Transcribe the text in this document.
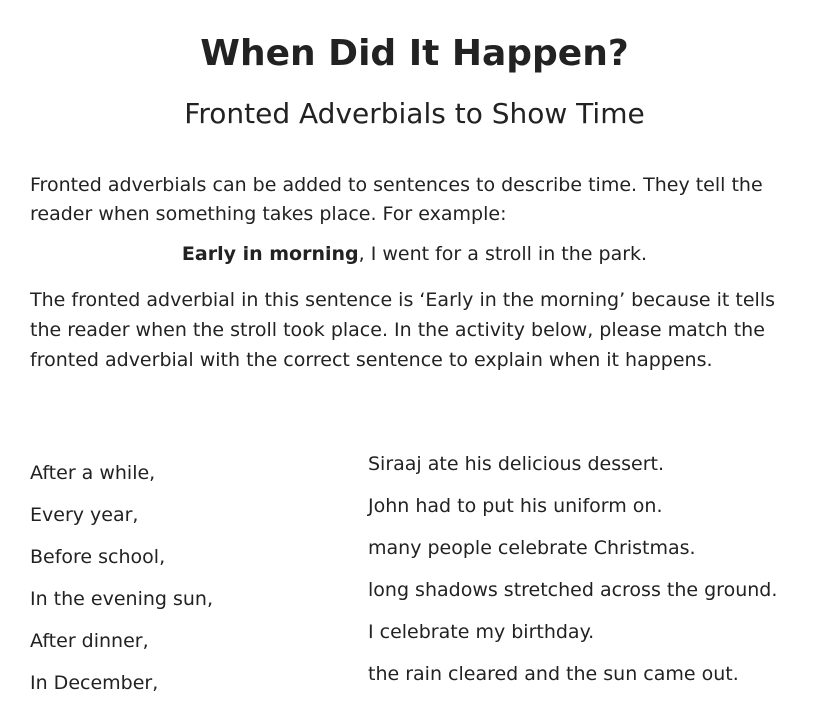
When Did It Happen?
Fronted Adverbials to Show Time

Fronted adverbials can be added to sentences to describe time. They tell the reader when something takes place. For example:

Early in morning, I went for a stroll in the park.

The fronted adverbial in this sentence is ‘Early in the morning’ because it tells the reader when the stroll took place. In the activity below, please match the fronted adverbial with the correct sentence to explain when it happens.

After a while,
Every year,
Before school,
In the evening sun,
After dinner,
In December,
Siraaj ate his delicious dessert.
John had to put his uniform on.
many people celebrate Christmas.
long shadows stretched across the ground.
I celebrate my birthday.
the rain cleared and the sun came out.
